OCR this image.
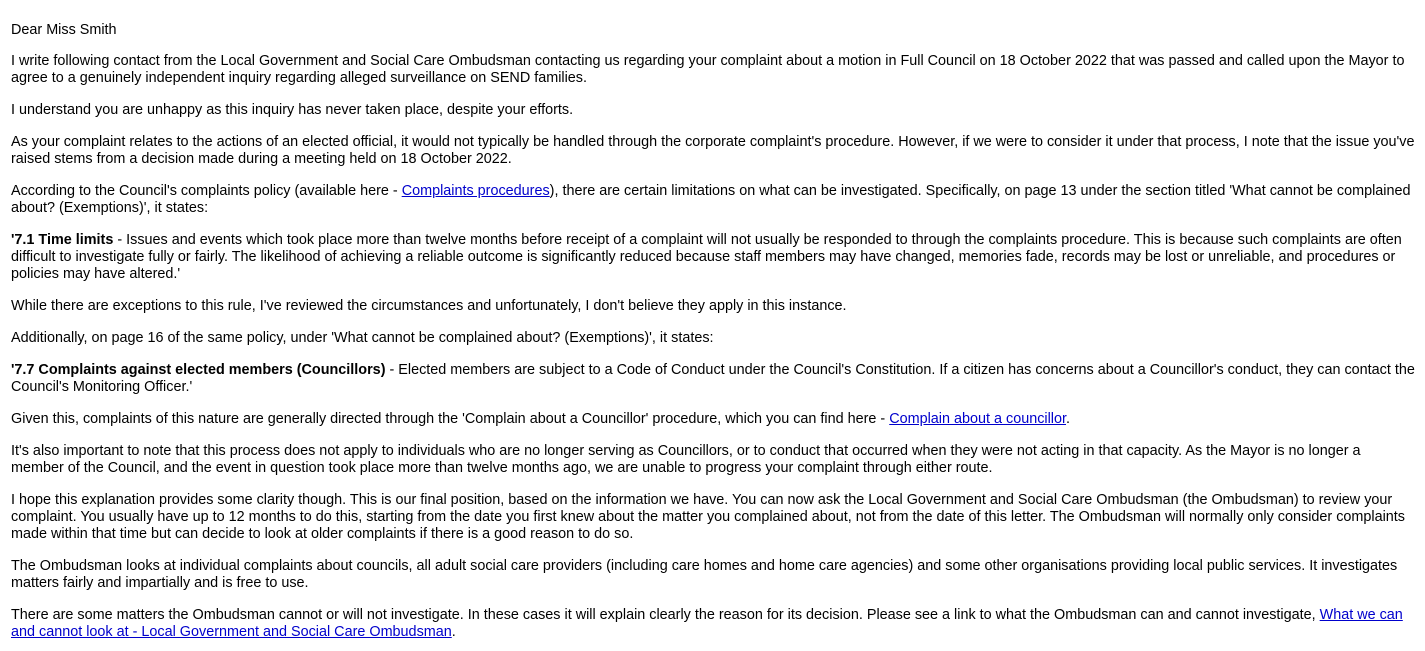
Dear Miss Smith

I write following contact from the Local Government and Social Care Ombudsman contacting us regarding your complaint about a motion in Full Council on 18 October 2022 that was passed and called upon the Mayor to agree to a genuinely independent inquiry regarding alleged surveillance on SEND families.

I understand you are unhappy as this inquiry has never taken place, despite your efforts.

As your complaint relates to the actions of an elected official, it would not typically be handled through the corporate complaint's procedure. However, if we were to consider it under that process, I note that the issue you've raised stems from a decision made during a meeting held on 18 October 2022.

According to the Council's complaints policy (available here - Complaints procedures), there are certain limitations on what can be investigated. Specifically, on page 13 under the section titled 'What cannot be complained about? (Exemptions)', it states:

'7.1 Time limits - Issues and events which took place more than twelve months before receipt of a complaint will not usually be responded to through the complaints procedure. This is because such complaints are often difficult to investigate fully or fairly. The likelihood of achieving a reliable outcome is significantly reduced because staff members may have changed, memories fade, records may be lost or unreliable, and procedures or policies may have altered.'

While there are exceptions to this rule, I've reviewed the circumstances and unfortunately, I don't believe they apply in this instance.

Additionally, on page 16 of the same policy, under 'What cannot be complained about? (Exemptions)', it states:

'7.7 Complaints against elected members (Councillors) - Elected members are subject to a Code of Conduct under the Council's Constitution. If a citizen has concerns about a Councillor's conduct, they can contact the Council's Monitoring Officer.'

Given this, complaints of this nature are generally directed through the 'Complain about a Councillor' procedure, which you can find here - Complain about a councillor.

It's also important to note that this process does not apply to individuals who are no longer serving as Councillors, or to conduct that occurred when they were not acting in that capacity. As the Mayor is no longer a member of the Council, and the event in question took place more than twelve months ago, we are unable to progress your complaint through either route.

I hope this explanation provides some clarity though. This is our final position, based on the information we have. You can now ask the Local Government and Social Care Ombudsman (the Ombudsman) to review your complaint. You usually have up to 12 months to do this, starting from the date you first knew about the matter you complained about, not from the date of this letter. The Ombudsman will normally only consider complaints made within that time but can decide to look at older complaints if there is a good reason to do so.

The Ombudsman looks at individual complaints about councils, all adult social care providers (including care homes and home care agencies) and some other organisations providing local public services. It investigates matters fairly and impartially and is free to use.

There are some matters the Ombudsman cannot or will not investigate. In these cases it will explain clearly the reason for its decision. Please see a link to what the Ombudsman can and cannot investigate, What we can and cannot look at - Local Government and Social Care Ombudsman.
